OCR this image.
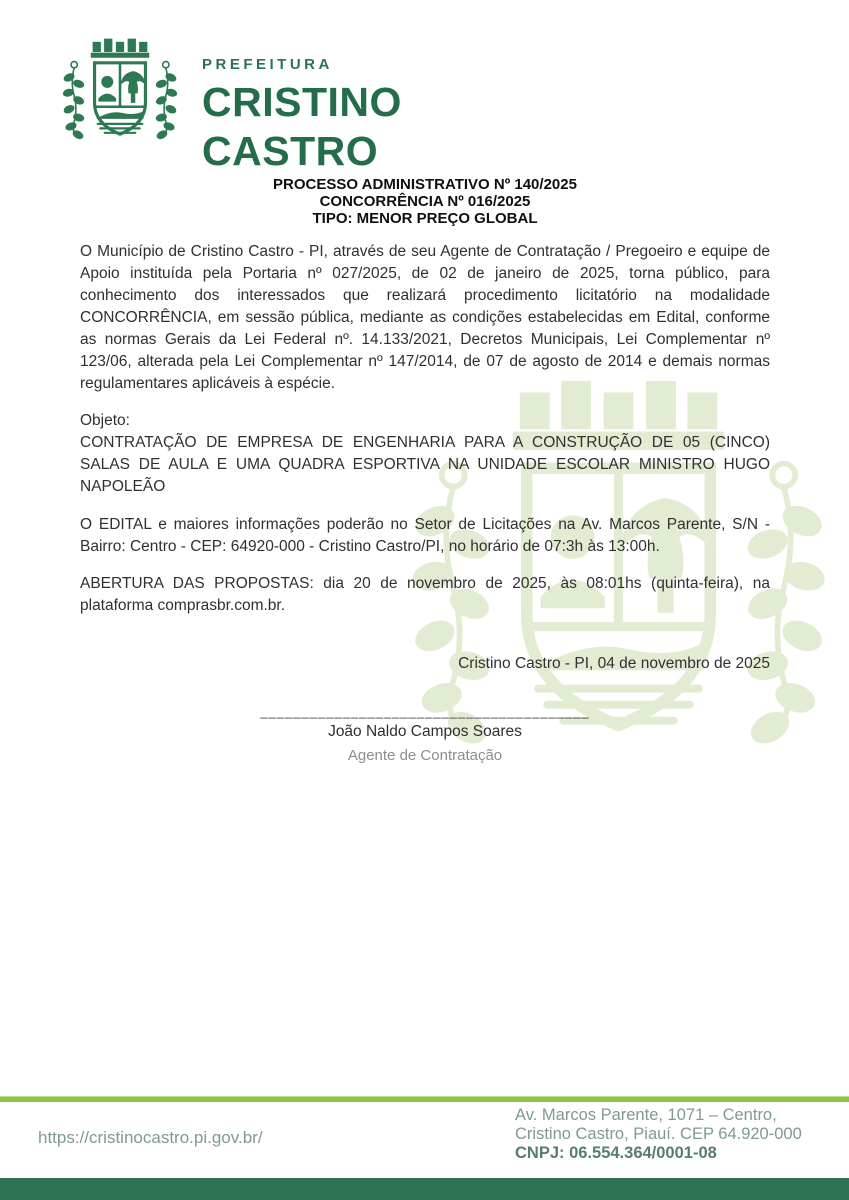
PREFEITURA
CRISTINO
CASTRO
PROCESSO ADMINISTRATIVO Nº 140/2025
CONCORRÊNCIA Nº 016/2025
TIPO: MENOR PREÇO GLOBAL

O Município de Cristino Castro - PI, através de seu Agente de Contratação / Pregoeiro e equipe de Apoio instituída pela Portaria nº 027/2025, de 02 de janeiro de 2025, torna público, para conhecimento dos interessados que realizará procedimento licitatório na modalidade CONCORRÊNCIA, em sessão pública, mediante as condições estabelecidas em Edital, conforme as normas Gerais da Lei Federal nº. 14.133/2021, Decretos Municipais, Lei Complementar nº 123/06, alterada pela Lei Complementar nº 147/2014, de 07 de agosto de 2014 e demais normas regulamentares aplicáveis à espécie.

Objeto:

CONTRATAÇÃO DE EMPRESA DE ENGENHARIA PARA A CONSTRUÇÃO DE 05 (CINCO) SALAS DE AULA E UMA QUADRA ESPORTIVA NA UNIDADE ESCOLAR MINISTRO HUGO NAPOLEÃO

O EDITAL e maiores informações poderão no Setor de Licitações na Av. Marcos Parente, S/N - Bairro: Centro - CEP: 64920-000 - Cristino Castro/PI, no horário de 07:3h às 13:00h.

ABERTURA DAS PROPOSTAS: dia 20 de novembro de 2025, às 08:01hs (quinta-feira), na plataforma comprasbr.com.br.

Cristino Castro - PI, 04 de novembro de 2025
________________________________________
João Naldo Campos Soares
Agente de Contratação
https://cristinocastro.pi.gov.br/
Av. Marcos Parente, 1071 – Centro,
Cristino Castro, Piauí. CEP 64.920-000
CNPJ: 06.554.364/0001-08
